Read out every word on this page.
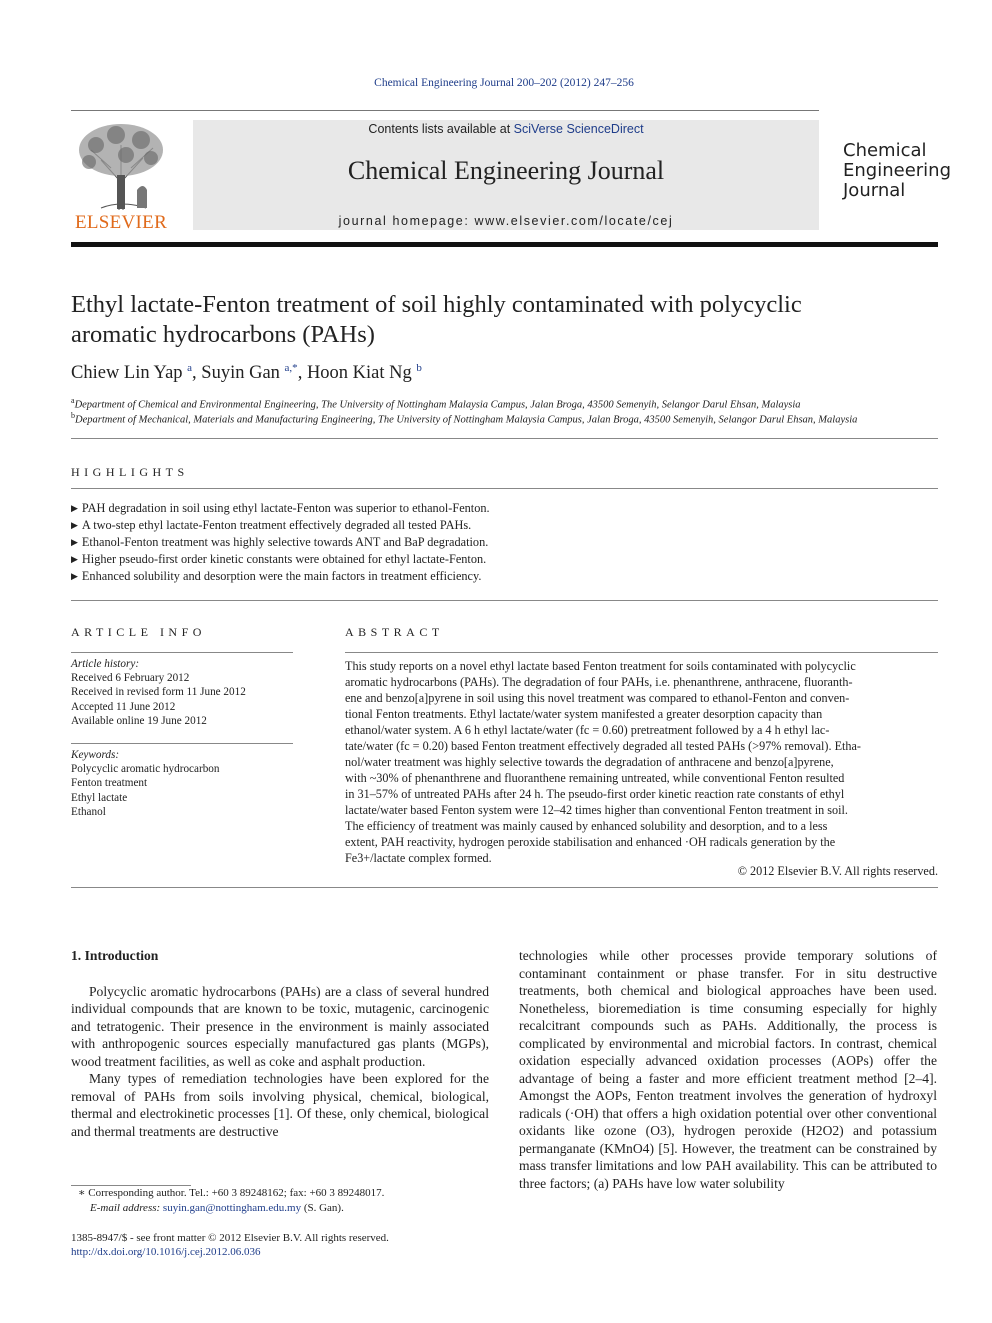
Chemical Engineering Journal 200–202 (2012) 247–256
ELSEVIER
Contents lists available at SciVerse ScienceDirect
Chemical Engineering Journal
journal homepage: www.elsevier.com/locate/cej
Chemical
Engineering
Journal
Ethyl lactate-Fenton treatment of soil highly contaminated with polycyclic
aromatic hydrocarbons (PAHs)
Chiew Lin Yap $^a$, Suyin Gan $^{a,*}$, Hoon Kiat Ng $^b$
$^a$Department of Chemical and Environmental Engineering, The University of Nottingham Malaysia Campus, Jalan Broga, 43500 Semenyih, Selangor Darul Ehsan, Malaysia
$^b$Department of Mechanical, Materials and Manufacturing Engineering, The University of Nottingham Malaysia Campus, Jalan Broga, 43500 Semenyih, Selangor Darul Ehsan, Malaysia
HIGHLIGHTS
▶ PAH degradation in soil using ethyl lactate-Fenton was superior to ethanol-Fenton.
▶ A two-step ethyl lactate-Fenton treatment effectively degraded all tested PAHs.
▶ Ethanol-Fenton treatment was highly selective towards ANT and BaP degradation.
▶ Higher pseudo-first order kinetic constants were obtained for ethyl lactate-Fenton.
▶ Enhanced solubility and desorption were the main factors in treatment efficiency.
ARTICLE INFO
Article history:
Received 6 February 2012
Received in revised form 11 June 2012
Accepted 11 June 2012
Available online 19 June 2012
Keywords:
Polycyclic aromatic hydrocarbon
Fenton treatment
Ethyl lactate
Ethanol
ABSTRACT
This study reports on a novel ethyl lactate based Fenton treatment for soils contaminated with polycyclic
aromatic hydrocarbons (PAHs). The degradation of four PAHs, i.e. phenanthrene, anthracene, fluoranth-
ene and benzo[a]pyrene in soil using this novel treatment was compared to ethanol-Fenton and conven-
tional Fenton treatments. Ethyl lactate/water system manifested a greater desorption capacity than
ethanol/water system. A 6 h ethyl lactate/water (fc = 0.60) pretreatment followed by a 4 h ethyl lac-
tate/water (fc = 0.20) based Fenton treatment effectively degraded all tested PAHs (>97% removal). Etha-
nol/water treatment was highly selective towards the degradation of anthracene and benzo[a]pyrene,
with ~30% of phenanthrene and fluoranthene remaining untreated, while conventional Fenton resulted
in 31–57% of untreated PAHs after 24 h. The pseudo-first order kinetic reaction rate constants of ethyl
lactate/water based Fenton system were 12–42 times higher than conventional Fenton treatment in soil.
The efficiency of treatment was mainly caused by enhanced solubility and desorption, and to a less
extent, PAH reactivity, hydrogen peroxide stabilisation and enhanced ·OH radicals generation by the
Fe3+/lactate complex formed.
© 2012 Elsevier B.V. All rights reserved.

1. Introduction

Polycyclic aromatic hydrocarbons (PAHs) are a class of several hundred individual compounds that are known to be toxic, mutagenic, carcinogenic and tetratogenic. Their presence in the environment is mainly associated with anthropogenic sources especially manufactured gas plants (MGPs), wood treatment facilities, as well as coke and asphalt production.

Many types of remediation technologies have been explored for the removal of PAHs from soils involving physical, chemical, biological, thermal and electrokinetic processes [1]. Of these, only chemical, biological and thermal treatments are destructive

technologies while other processes provide temporary solutions of contaminant containment or phase transfer. For in situ destructive treatments, both chemical and biological approaches have been used. Nonetheless, bioremediation is time consuming especially for highly recalcitrant compounds such as PAHs. Additionally, the process is complicated by environmental and microbial factors. In contrast, chemical oxidation especially advanced oxidation processes (AOPs) offer the advantage of being a faster and more efficient treatment method [2–4]. Amongst the AOPs, Fenton treatment involves the generation of hydroxyl radicals (·OH) that offers a high oxidation potential over other conventional oxidants like ozone (O3), hydrogen peroxide (H2O2) and potassium permanganate (KMnO4) [5]. However, the treatment can be constrained by mass transfer limitations and low PAH availability. This can be attributed to three factors; (a) PAHs have low water solubility

∗ Corresponding author. Tel.: +60 3 89248162; fax: +60 3 89248017.
E-mail address: suyin.gan@nottingham.edu.my (S. Gan).
1385-8947/$ - see front matter © 2012 Elsevier B.V. All rights reserved.
http://dx.doi.org/10.1016/j.cej.2012.06.036
